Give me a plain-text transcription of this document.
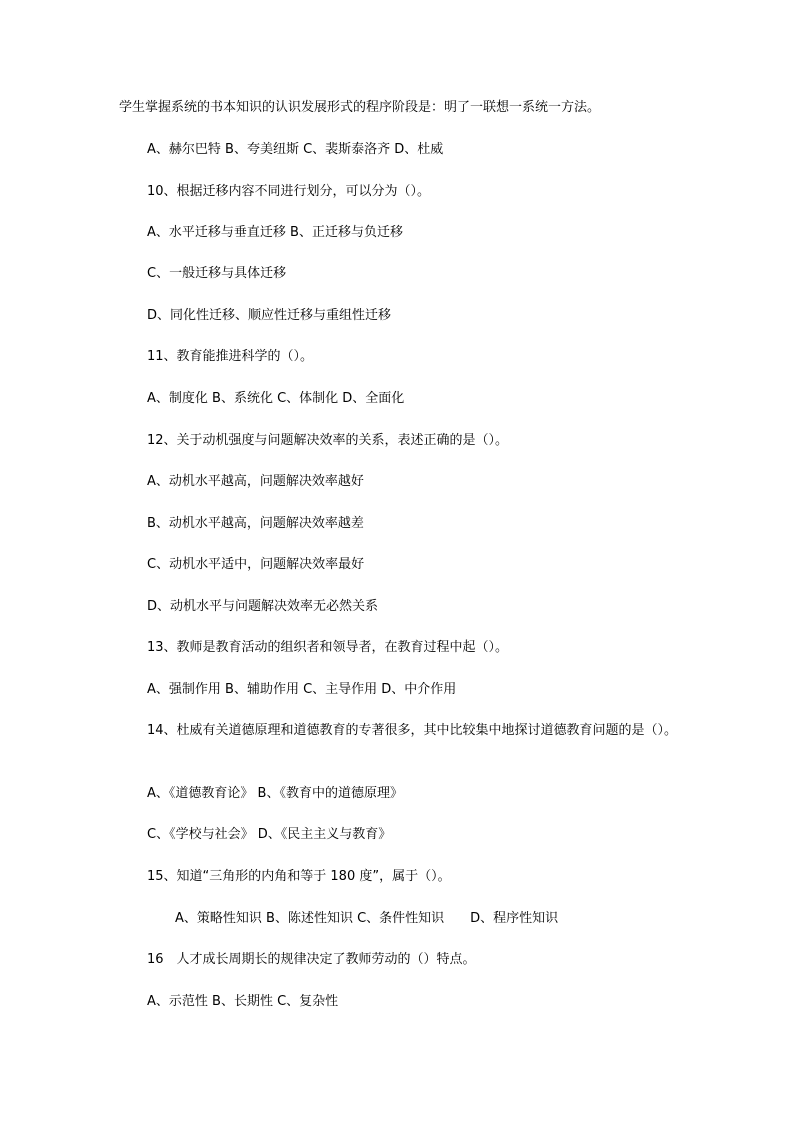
学生掌握系统的书本知识的认识发展形式的程序阶段是：明了一联想一系统一方法。

A、赫尔巴特 B、夸美纽斯 C、裴斯泰洛齐 D、杜威

10、根据迁移内容不同进行划分，可以分为（）。

A、水平迁移与垂直迁移 B、正迁移与负迁移

C、一般迁移与具体迁移

D、同化性迁移、顺应性迁移与重组性迁移

11、教育能推进科学的（）。

A、制度化 B、系统化 C、体制化 D、全面化

12、关于动机强度与问题解决效率的关系，表述正确的是（）。

A、动机水平越高，问题解决效率越好

B、动机水平越高，问题解决效率越差

C、动机水平适中，问题解决效率最好

D、动机水平与问题解决效率无必然关系

13、教师是教育活动的组织者和领导者，在教育过程中起（）。

A、强制作用 B、辅助作用 C、主导作用 D、中介作用

14、杜威有关道德原理和道德教育的专著很多，其中比较集中地探讨道德教育问题的是（）。

A、《道德教育论》 B、《教育中的道德原理》

C、《学校与社会》 D、《民主主义与教育》

15、知道“三角形的内角和等于 180 度”，属于（）。

A、策略性知识 B、陈述性知识 C、条件性知识　　D、程序性知识

16　人才成长周期长的规律决定了教师劳动的（）特点。

A、示范性 B、长期性 C、复杂性
